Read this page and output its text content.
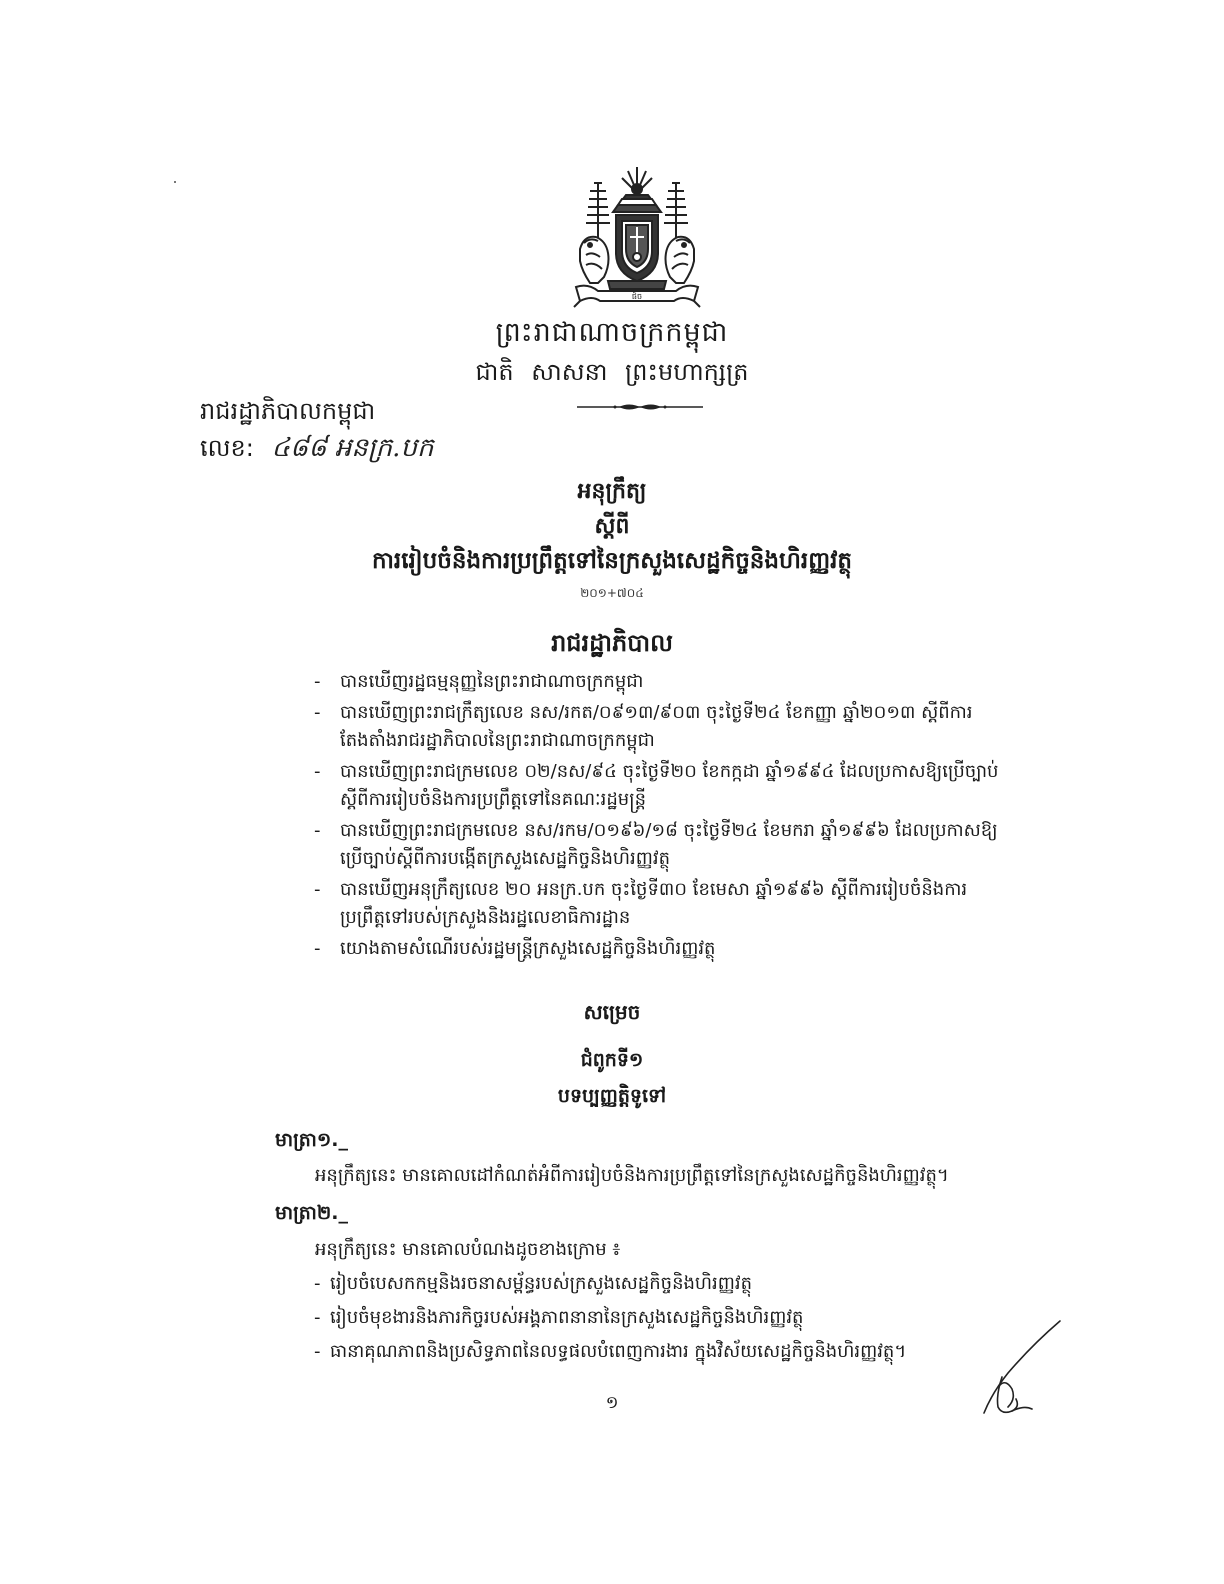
ផ៍ច
ព្រះរាជាណាចក្រកម្ពុជា
ជាតិ សាសនា ព្រះមហាក្សត្រ
រាជរដ្ឋាភិបាលកម្ពុជា
លេខ: ៤៨៨ អនក្រ.បក
អនុក្រឹត្យ
ស្តីពី
ការរៀបចំនិងការប្រព្រឹត្តទៅនៃក្រសួងសេដ្ឋកិច្ចនិងហិរញ្ញវត្ថុ
២០១+៧០៤
រាជរដ្ឋាភិបាល
- បានឃើញរដ្ឋធម្មនុញ្ញនៃព្រះរាជាណាចក្រកម្ពុជា
- បានឃើញព្រះរាជក្រឹត្យលេខ នស/រកត/០៩១៣/៩០៣ ចុះថ្ងៃទី២៤ ខែកញ្ញា ឆ្នាំ២០១៣ ស្តីពីការតែងតាំងរាជរដ្ឋាភិបាលនៃព្រះរាជាណាចក្រកម្ពុជា
- បានឃើញព្រះរាជក្រមលេខ ០២/នស/៩៤ ចុះថ្ងៃទី២០ ខែកក្កដា ឆ្នាំ១៩៩៤ ដែលប្រកាសឱ្យប្រើច្បាប់ស្តីពីការរៀបចំនិងការប្រព្រឹត្តទៅនៃគណៈរដ្ឋមន្ត្រី
- បានឃើញព្រះរាជក្រមលេខ នស/រកម/០១៩៦/១៨ ចុះថ្ងៃទី២៤ ខែមករា ឆ្នាំ១៩៩៦ ដែលប្រកាសឱ្យប្រើច្បាប់ស្តីពីការបង្កើតក្រសួងសេដ្ឋកិច្ចនិងហិរញ្ញវត្ថុ
- បានឃើញអនុក្រឹត្យលេខ ២០ អនក្រ.បក ចុះថ្ងៃទី៣០ ខែមេសា ឆ្នាំ១៩៩៦ ស្តីពីការរៀបចំនិងការប្រព្រឹត្តទៅរបស់ក្រសួងនិងរដ្ឋលេខាធិការដ្ឋាន
- យោងតាមសំណើរបស់រដ្ឋមន្ត្រីក្រសួងសេដ្ឋកិច្ចនិងហិរញ្ញវត្ថុ
សម្រេច
ជំពូកទី១
បទប្បញ្ញត្តិទូទៅ
មាត្រា១._
អនុក្រឹត្យនេះ មានគោលដៅកំណត់អំពីការរៀបចំនិងការប្រព្រឹត្តទៅនៃក្រសួងសេដ្ឋកិច្ចនិងហិរញ្ញវត្ថុ។
មាត្រា២._
អនុក្រឹត្យនេះ មានគោលបំណងដូចខាងក្រោម ៖
- រៀបចំបេសកកម្មនិងរចនាសម្ព័ន្ធរបស់ក្រសួងសេដ្ឋកិច្ចនិងហិរញ្ញវត្ថុ
- រៀបចំមុខងារនិងភារកិច្ចរបស់អង្គភាពនានានៃក្រសួងសេដ្ឋកិច្ចនិងហិរញ្ញវត្ថុ
- ធានាគុណភាពនិងប្រសិទ្ធភាពនៃលទ្ធផលបំពេញការងារ ក្នុងវិស័យសេដ្ឋកិច្ចនិងហិរញ្ញវត្ថុ។
១
